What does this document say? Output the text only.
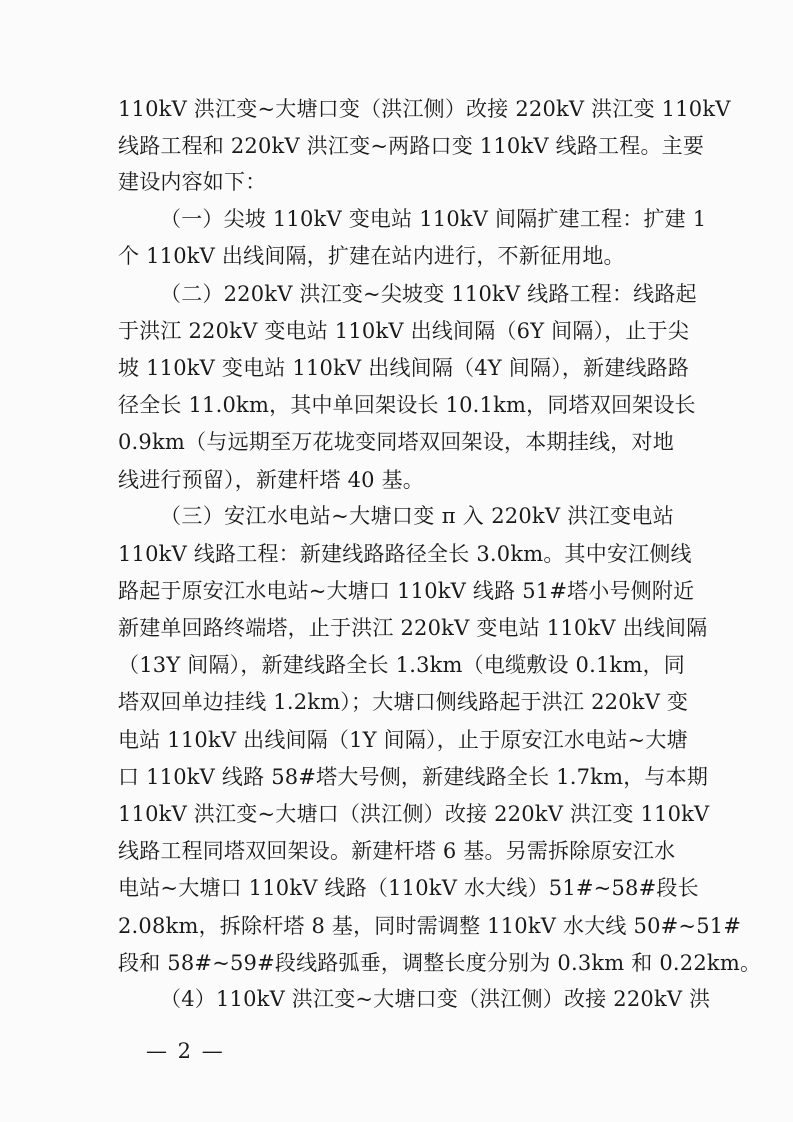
110kV 洪江变~大塘口变（洪江侧）改接 220kV 洪江变 110kV
线路工程和 220kV 洪江变~两路口变 110kV 线路工程。主要
建设内容如下：
（一）尖坡 110kV 变电站 110kV 间隔扩建工程：扩建 1
个 110kV 出线间隔，扩建在站内进行，不新征用地。
（二）220kV 洪江变~尖坡变 110kV 线路工程：线路起
于洪江 220kV 变电站 110kV 出线间隔（6Y 间隔），止于尖
坡 110kV 变电站 110kV 出线间隔（4Y 间隔），新建线路路
径全长 11.0km，其中单回架设长 10.1km，同塔双回架设长
0.9km（与远期至万花垅变同塔双回架设，本期挂线，对地
线进行预留），新建杆塔 40 基。
（三）安江水电站~大塘口变 π 入 220kV 洪江变电站
110kV 线路工程：新建线路路径全长 3.0km。其中安江侧线
路起于原安江水电站~大塘口 110kV 线路 51#塔小号侧附近
新建单回路终端塔，止于洪江 220kV 变电站 110kV 出线间隔
（13Y 间隔），新建线路全长 1.3km（电缆敷设 0.1km，同
塔双回单边挂线 1.2km）；大塘口侧线路起于洪江 220kV 变
电站 110kV 出线间隔（1Y 间隔），止于原安江水电站~大塘
口 110kV 线路 58#塔大号侧，新建线路全长 1.7km，与本期
110kV 洪江变~大塘口（洪江侧）改接 220kV 洪江变 110kV
线路工程同塔双回架设。新建杆塔 6 基。另需拆除原安江水
电站~大塘口 110kV 线路（110kV 水大线）51#~58#段长
2.08km，拆除杆塔 8 基，同时需调整 110kV 水大线 50#~51#
段和 58#~59#段线路弧垂，调整长度分别为 0.3km 和 0.22km。
（4）110kV 洪江变~大塘口变（洪江侧）改接 220kV 洪
— 2 —
